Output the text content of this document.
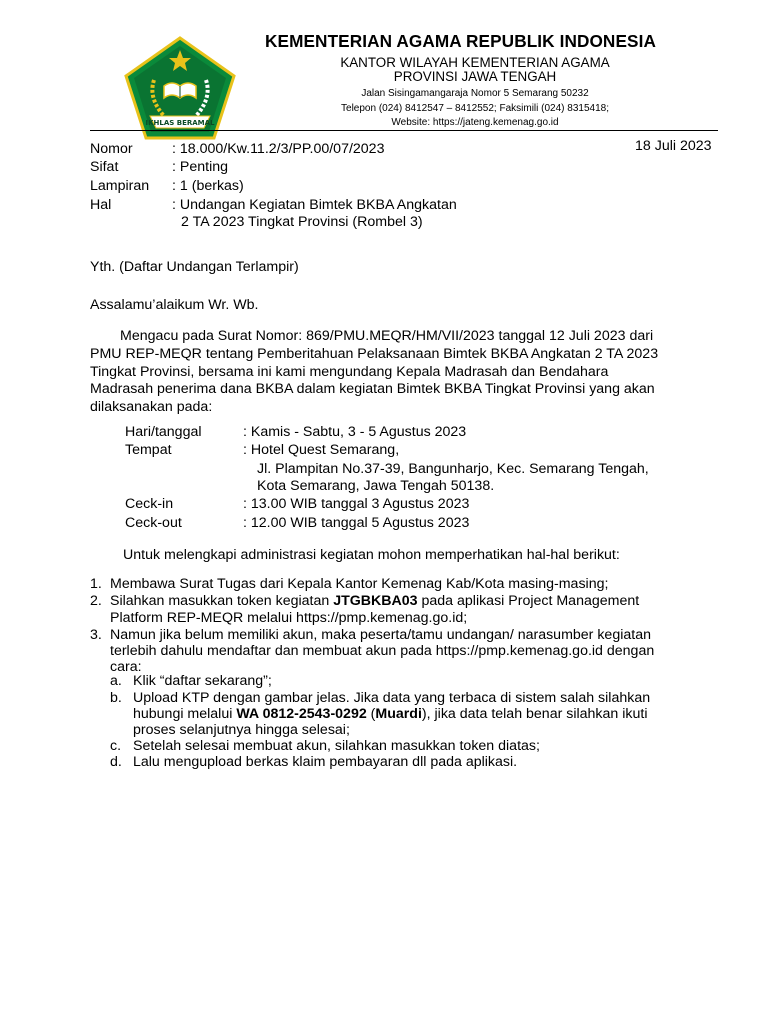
IKHLAS BERAMAL
KEMENTERIAN AGAMA REPUBLIK INDONESIA
KANTOR WILAYAH KEMENTERIAN AGAMA
PROVINSI JAWA TENGAH
Jalan Sisingamangaraja Nomor 5 Semarang 50232
Telepon (024) 8412547 – 8412552; Faksimili (024) 8315418;
Website: https://jateng.kemenag.go.id
18 Juli 2023
Nomor	: 18.000/Kw.11.2/3/PP.00/07/2023
Sifat	: Penting
Lampiran : 1 (berkas)
Hal	: Undangan Kegiatan Bimtek BKBA Angkatan
2 TA 2023 Tingkat Provinsi (Rombel 3)
Yth. (Daftar Undangan Terlampir)
Assalamu’alaikum Wr. Wb.
Mengacu pada Surat Nomor: 869/PMU.MEQR/HM/VII/2023 tanggal 12 Juli 2023 dari
PMU REP-MEQR tentang Pemberitahuan Pelaksanaan Bimtek BKBA Angkatan 2 TA 2023
Tingkat Provinsi, bersama ini kami mengundang Kepala Madrasah dan Bendahara
Madrasah penerima dana BKBA dalam kegiatan Bimtek BKBA Tingkat Provinsi yang akan
dilaksanakan pada:
Hari/tanggal	: Kamis - Sabtu, 3 - 5 Agustus 2023
Tempat	: Hotel Quest Semarang,
Jl. Plampitan No.37-39, Bangunharjo, Kec. Semarang Tengah,
Kota Semarang, Jawa Tengah 50138.
Ceck-in	: 13.00 WIB tanggal 3 Agustus 2023
Ceck-out	: 12.00 WIB tanggal 5 Agustus 2023
Untuk melengkapi administrasi kegiatan mohon memperhatikan hal-hal berikut:
1. Membawa Surat Tugas dari Kepala Kantor Kemenag Kab/Kota masing-masing;
2. Silahkan masukkan token kegiatan JTGBKBA03 pada aplikasi Project Management
Platform REP-MEQR melalui https://pmp.kemenag.go.id;
3. Namun jika belum memiliki akun, maka peserta/tamu undangan/ narasumber kegiatan
terlebih dahulu mendaftar dan membuat akun pada https://pmp.kemenag.go.id dengan
cara:
a. Klik “daftar sekarang”;
b. Upload KTP dengan gambar jelas. Jika data yang terbaca di sistem salah silahkan
hubungi melalui WA 0812-2543-0292 (Muardi), jika data telah benar silahkan ikuti
proses selanjutnya hingga selesai;
c. Setelah selesai membuat akun, silahkan masukkan token diatas;
d. Lalu mengupload berkas klaim pembayaran dll pada aplikasi.
